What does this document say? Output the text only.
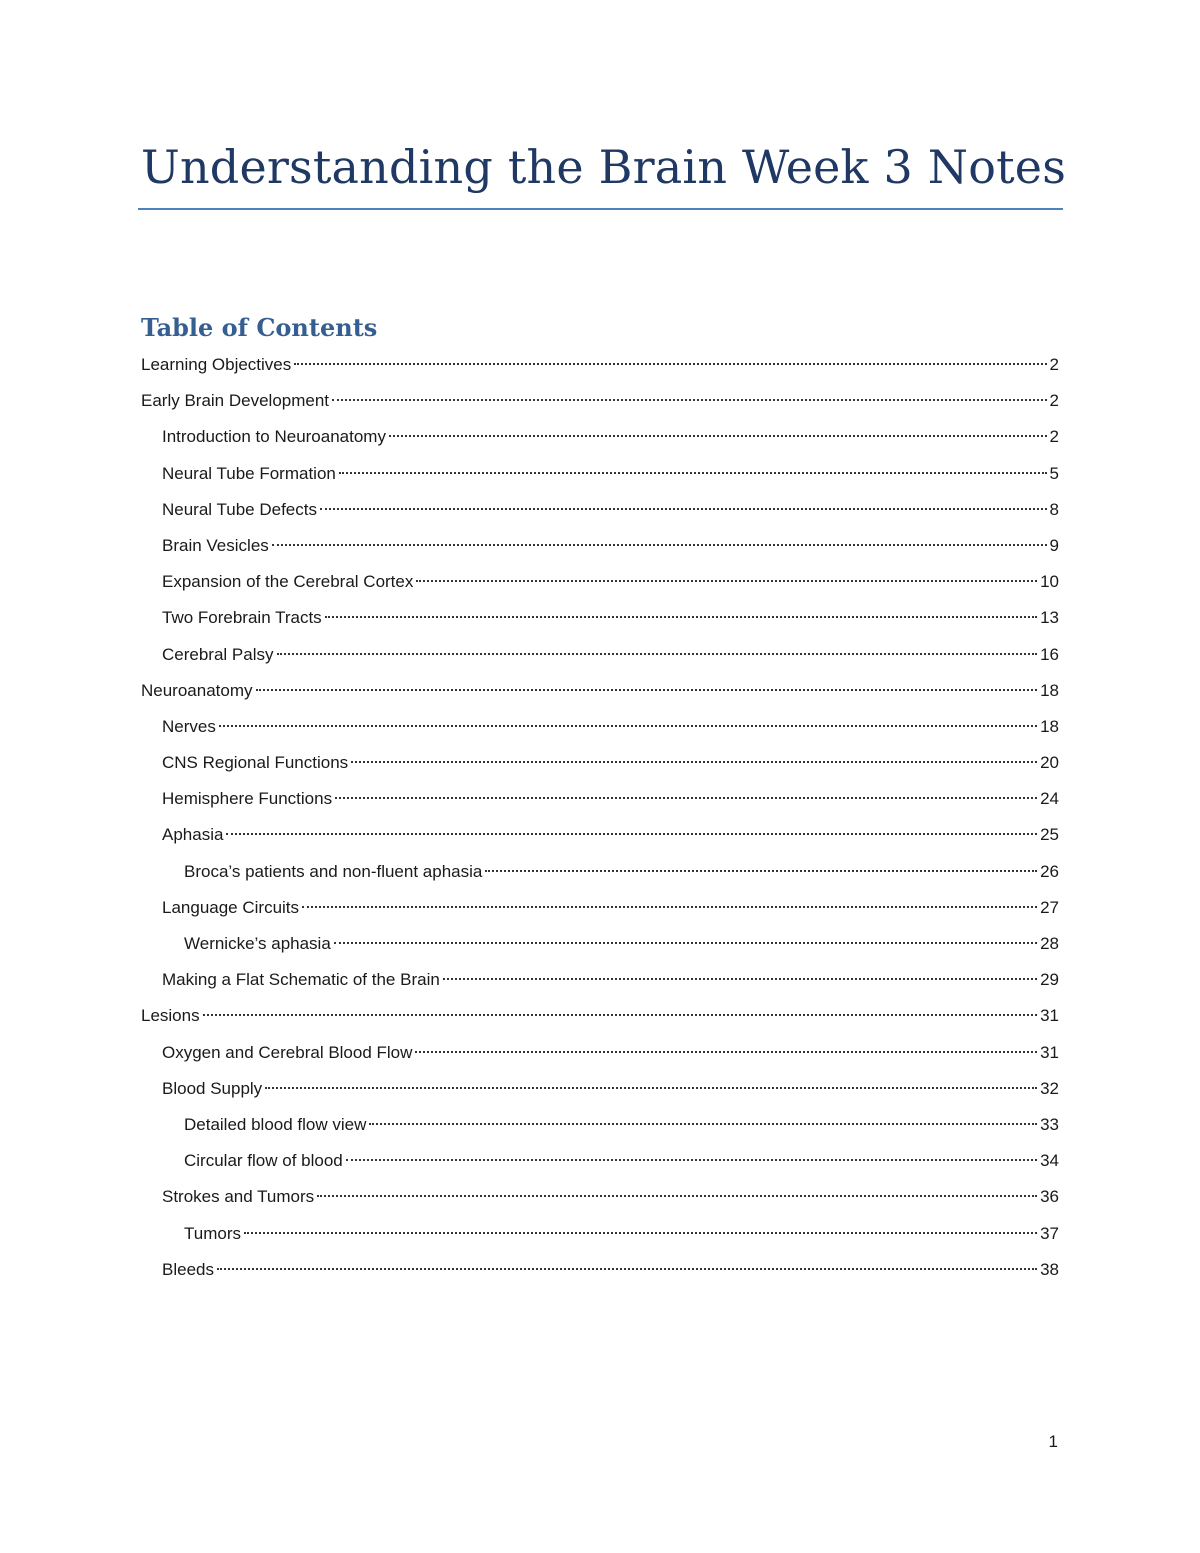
Understanding the Brain Week 3 Notes
Table of Contents
Learning Objectives	2
Early Brain Development	2
Introduction to Neuroanatomy	2
Neural Tube Formation	5
Neural Tube Defects	8
Brain Vesicles	9
Expansion of the Cerebral Cortex	10
Two Forebrain Tracts	13
Cerebral Palsy	16
Neuroanatomy	18
Nerves	18
CNS Regional Functions	20
Hemisphere Functions	24
Aphasia	25
Broca’s patients and non-fluent aphasia	26
Language Circuits	27
Wernicke’s aphasia	28
Making a Flat Schematic of the Brain	29
Lesions	31
Oxygen and Cerebral Blood Flow	31
Blood Supply	32
Detailed blood flow view	33
Circular flow of blood	34
Strokes and Tumors	36
Tumors	37
Bleeds	38
1
